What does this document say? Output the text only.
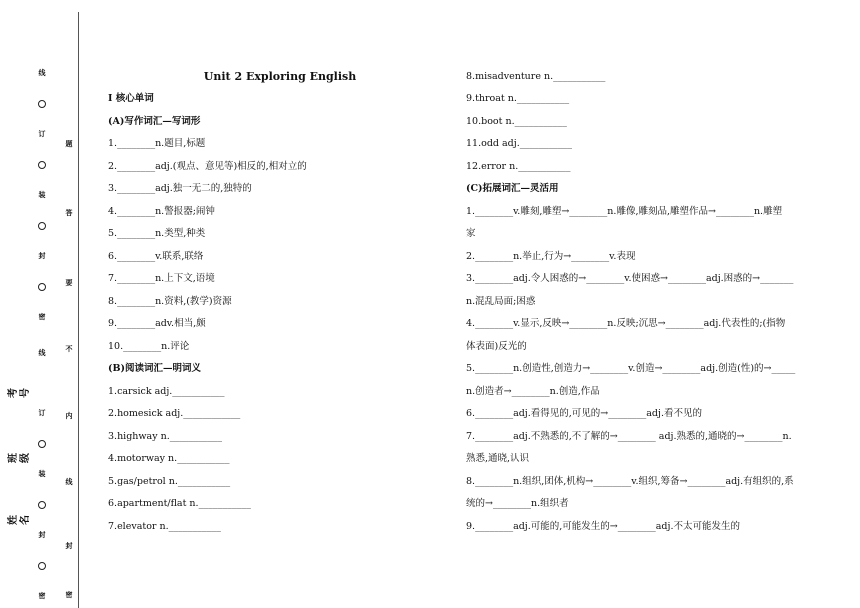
线
订
装
封
密
线
订
装
封
密
题
答
要
不
内
线
封
密
考号
班级
姓名
Unit 2 Exploring English
Ⅰ 核心单词
(A)写作词汇—写词形
1.________n.题目,标题
2.________adj.(观点、意见等)相反的,相对立的
3.________adj.独一无二的,独特的
4.________n.警报器;闹钟
5.________n.类型,种类
6.________v.联系,联络
7.________n.上下文,语境
8.________n.资料,(教学)资源
9.________adv.相当,颇
10.________n.评论
(B)阅读词汇—明词义
1.carsick adj.___________
2.homesick adj.____________
3.highway n.___________
4.motorway n.___________
5.gas/petrol n.___________
6.apartment/flat n.___________
7.elevator n.___________
8.misadventure n.___________
9.throat n.___________
10.boot n.___________
11.odd adj.___________
12.error n.___________
(C)拓展词汇—灵活用
1.________v.雕刻,雕塑→________n.雕像,雕刻品,雕塑作品→________n.雕塑
家
2.________n.举止,行为→________v.表现
3.________adj.令人困惑的→________v.使困惑→________adj.困惑的→_______
n.混乱局面;困惑
4.________v.显示,反映→________n.反映;沉思→________adj.代表性的;(指物
体表面)反光的
5.________n.创造性,创造力→________v.创造→________adj.创造(性)的→_____
n.创造者→________n.创造,作品
6.________adj.看得见的,可见的→________adj.看不见的
7.________adj.不熟悉的,不了解的→________ adj.熟悉的,通晓的→________n.
熟悉,通晓,认识
8.________n.组织,团体,机构→________v.组织,筹备→________adj.有组织的,系
统的→________n.组织者
9.________adj.可能的,可能发生的→________adj.不太可能发生的
